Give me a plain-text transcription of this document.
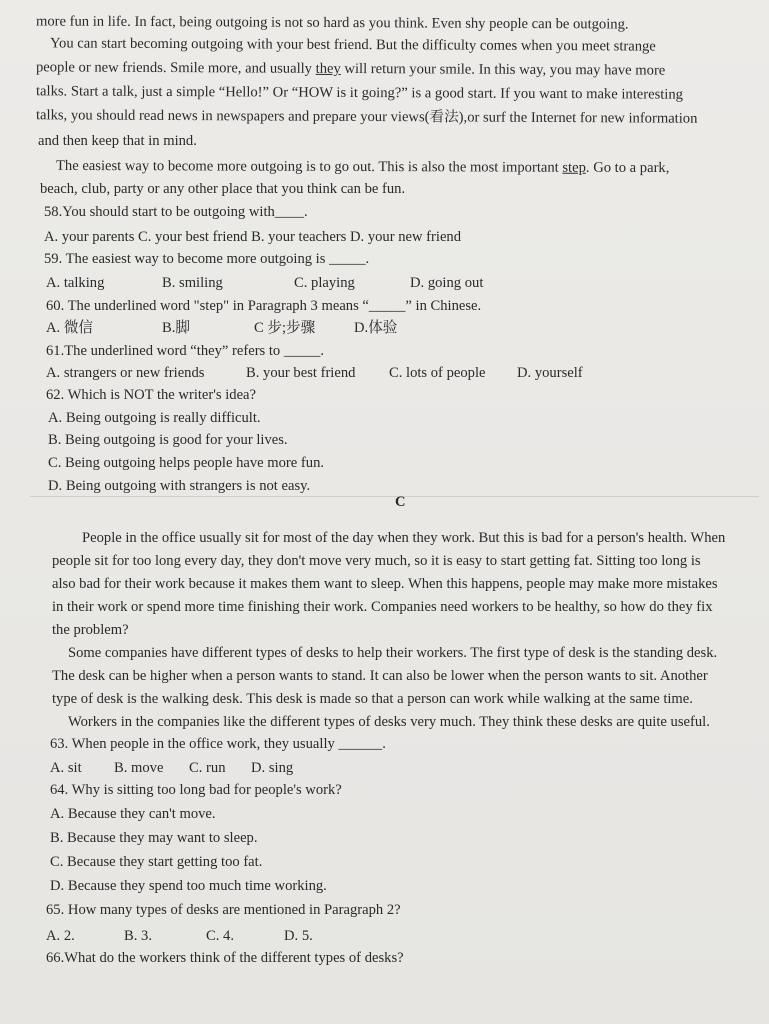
more fun in life. In fact, being outgoing is not so hard as you think. Even shy people can be outgoing.

You can start becoming outgoing with your best friend. But the difficulty comes when you meet strange

people or new friends. Smile more, and usually they will return your smile. In this way, you may have more

talks. Start a talk, just a simple “Hello!” Or “HOW is it going?” is a good start. If you want to make interesting

talks, you should read news in newspapers and prepare your views(看法),or surf the Internet for new information

and then keep that in mind.

The easiest way to become more outgoing is to go out. This is also the most important step. Go to a park,

beach, club, party or any other place that you think can be fun.

58.You should start to be outgoing with____.

A. your parents C. your best friend B. your teachers D. your new friend

59. The easiest way to become more outgoing is _____.

A. talking	B. smiling	C. playing	D. going out

60. The underlined word "step" in Paragraph 3 means “_____” in Chinese.

A. 微信	B.脚	C 步;步骤	D.体验

61.The underlined word “they” refers to _____.

A. strangers or new friends	B. your best friend C. lots of people D. yourself

62. Which is NOT the writer's idea?

A. Being outgoing is really difficult.

B. Being outgoing is good for your lives.

C. Being outgoing helps people have more fun.

D. Being outgoing with strangers is not easy.

C

People in the office usually sit for most of the day when they work. But this is bad for a person's health. When

people sit for too long every day, they don't move very much, so it is easy to start getting fat. Sitting too long is

also bad for their work because it makes them want to sleep. When this happens, people may make more mistakes

in their work or spend more time finishing their work. Companies need workers to be healthy, so how do they fix

the problem?

Some companies have different types of desks to help their workers. The first type of desk is the standing desk.

The desk can be higher when a person wants to stand. It can also be lower when the person wants to sit. Another

type of desk is the walking desk. This desk is made so that a person can work while walking at the same time.

Workers in the companies like the different types of desks very much. They think these desks are quite useful.

63. When people in the office work, they usually ______.

A. sit B. move C. run D. sing

64. Why is sitting too long bad for people's work?

A. Because they can't move.

B. Because they may want to sleep.

C. Because they start getting too fat.

D. Because they spend too much time working.

65. How many types of desks are mentioned in Paragraph 2?

A. 2.	B. 3.	C. 4.	D. 5.

66.What do the workers think of the different types of desks?
